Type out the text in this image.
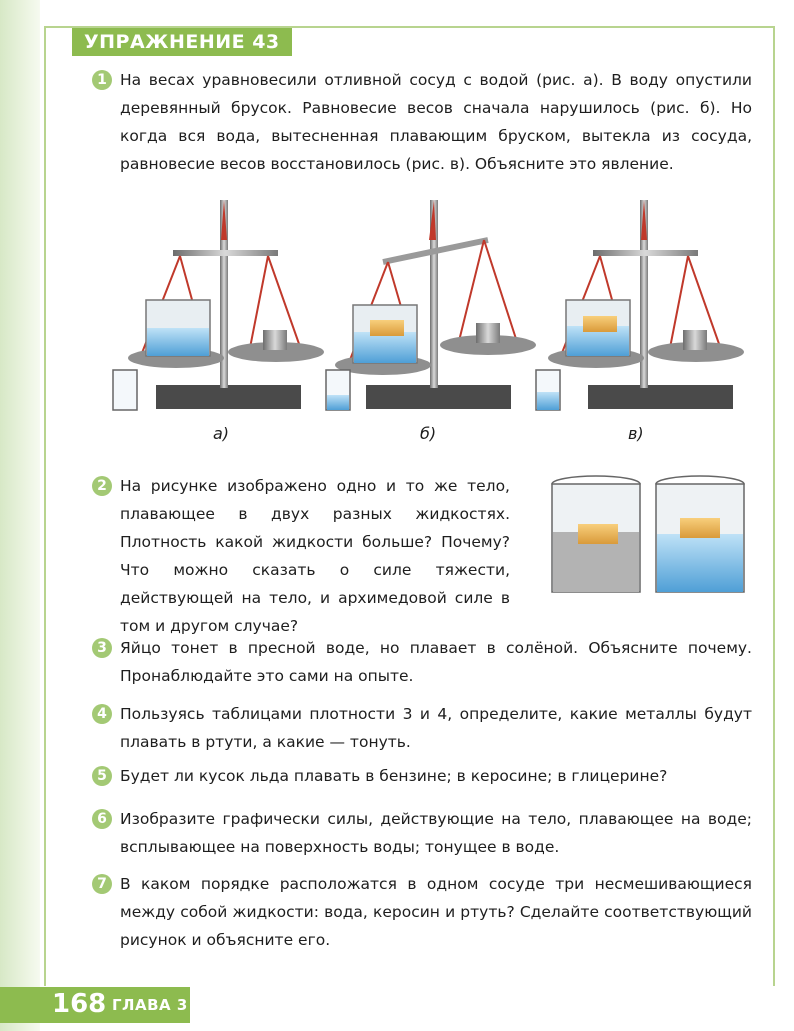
УПРАЖНЕНИЕ 43
1 На весах уравновесили отливной сосуд с водой (рис. а). В воду опустили деревянный брусок. Равновесие весов сначала нарушилось (рис. б). Но когда вся вода, вытесненная плавающим бруском, вытекла из сосуда, равновесие весов восстановилось (рис. в). Объясните это явление.
а)	б)	в)
2 На рисунке изображено одно и то же тело, плавающее в двух разных жидкостях. Плотность какой жидкости больше? Почему? Что можно сказать о силе тяжести, действующей на тело, и архимедовой силе в том и другом случае?
3 Яйцо тонет в пресной воде, но плавает в солёной. Объясните почему. Пронаблюдайте это сами на опыте.
4 Пользуясь таблицами плотности 3 и 4, определите, какие металлы будут плавать в ртути, а какие — тонуть.
5 Будет ли кусок льда плавать в бензине; в керосине; в глицерине?
6 Изобразите графически силы, действующие на тело, плавающее на воде; всплывающее на поверхность воды; тонущее в воде.
7 В каком порядке расположатся в одном сосуде три несмешивающиеся между собой жидкости: вода, керосин и ртуть? Сделайте соответствующий рисунок и объясните его.
168 ГЛАВА 3
